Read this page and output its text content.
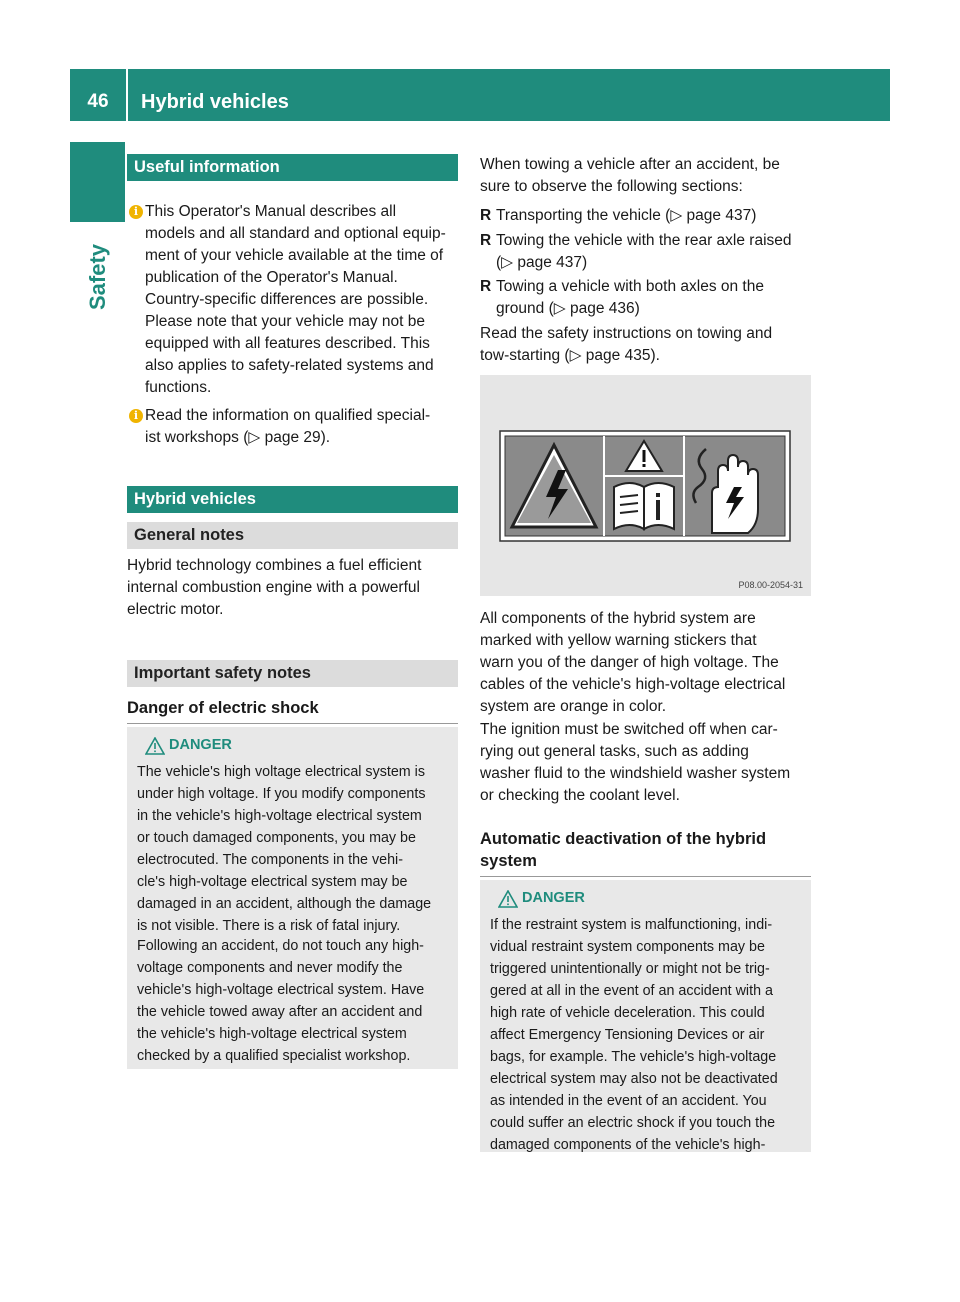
46	Hybrid vehicles
Safety
Useful information
i This Operator's Manual describes all
models and all standard and optional equip-
ment of your vehicle available at the time of
publication of the Operator's Manual.
Country-specific differences are possible.
Please note that your vehicle may not be
equipped with all features described. This
also applies to safety-related systems and
functions.
i Read the information on qualified special-
ist workshops (▷ page 29).
Hybrid vehicles
General notes
Hybrid technology combines a fuel efficient
internal combustion engine with a powerful
electric motor.
Important safety notes
Danger of electric shock
DANGER
The vehicle's high voltage electrical system is
under high voltage. If you modify components
in the vehicle's high-voltage electrical system
or touch damaged components, you may be
electrocuted. The components in the vehi-
cle's high-voltage electrical system may be
damaged in an accident, although the damage
is not visible. There is a risk of fatal injury.
Following an accident, do not touch any high-
voltage components and never modify the
vehicle's high-voltage electrical system. Have
the vehicle towed away after an accident and
the vehicle's high-voltage electrical system
checked by a qualified specialist workshop.
When towing a vehicle after an accident, be
sure to observe the following sections:
R Transporting the vehicle (▷ page 437)
R Towing the vehicle with the rear axle raised
(▷ page 437)
R Towing a vehicle with both axles on the
ground (▷ page 436)
Read the safety instructions on towing and
tow-starting (▷ page 435).
P08.00-2054-31
All components of the hybrid system are
marked with yellow warning stickers that
warn you of the danger of high voltage. The
cables of the vehicle's high-voltage electrical
system are orange in color.
The ignition must be switched off when car-
rying out general tasks, such as adding
washer fluid to the windshield washer system
or checking the coolant level.
Automatic deactivation of the hybrid
system
DANGER
If the restraint system is malfunctioning, indi-
vidual restraint system components may be
triggered unintentionally or might not be trig-
gered at all in the event of an accident with a
high rate of vehicle deceleration. This could
affect Emergency Tensioning Devices or air
bags, for example. The vehicle's high-voltage
electrical system may also not be deactivated
as intended in the event of an accident. You
could suffer an electric shock if you touch the
damaged components of the vehicle's high-
